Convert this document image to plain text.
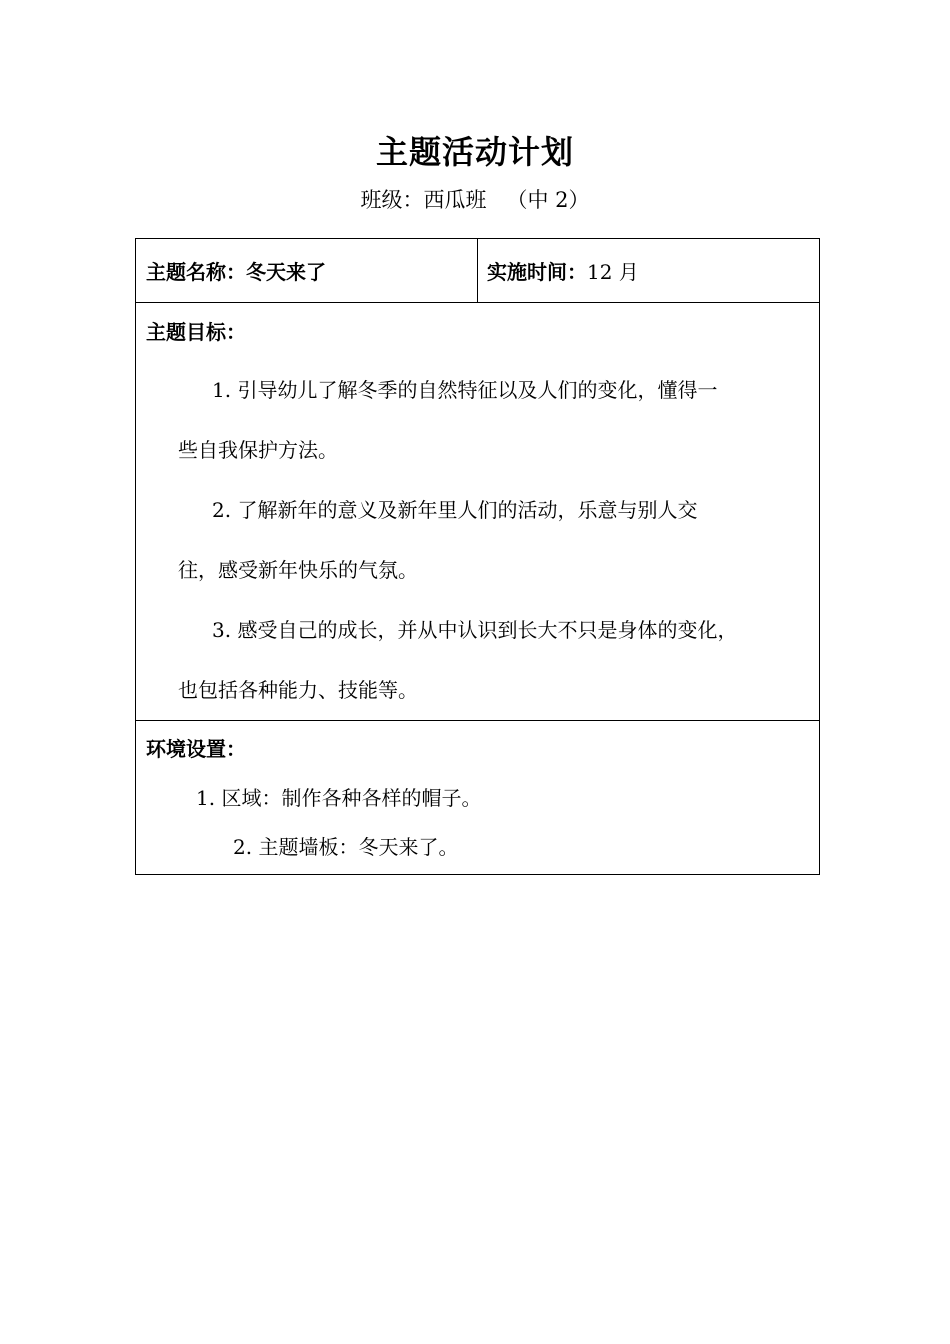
主题活动计划
班级：西瓜班 （中 2）
主题名称： 冬天来了	实施时间： 12 月
主题目标：
1. 引导幼儿了解冬季的自然特征以及人们的变化，懂得一
些自我保护方法。
2. 了解新年的意义及新年里人们的活动，乐意与别人交
往，感受新年快乐的气氛。
3. 感受自己的成长，并从中认识到长大不只是身体的变化，
也包括各种能力、技能等。
环境设置：
1. 区域：制作各种各样的帽子。
2. 主题墙板：冬天来了。
